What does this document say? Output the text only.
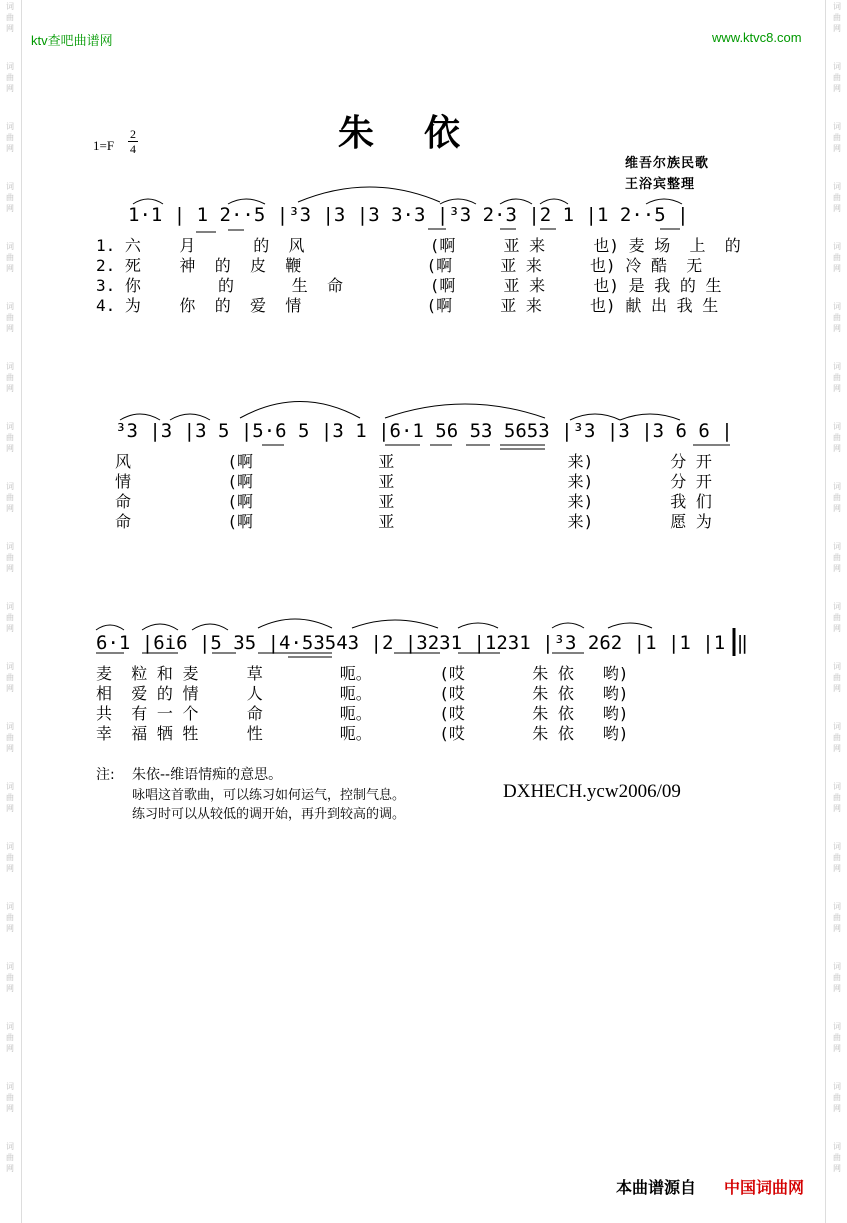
词
曲
网
词
曲
网
词
曲
网
词
曲
网
词
曲
网
词
曲
网
词
曲
网
词
曲
网
词
曲
网
词
曲
网
词
曲
网
词
曲
网
词
曲
网
词
曲
网
词
曲
网
词
曲
网
词
曲
网
词
曲
网
词
曲
网
词
曲
网
词
曲
网
词
曲
网
词
曲
网
词
曲
网
词
曲
网
词
曲
网
词
曲
网
词
曲
网
词
曲
网
词
曲
网
词
曲
网
词
曲
网
词
曲
网
词
曲
网
词
曲
网
词
曲
网
词
曲
网
词
曲
网
词
曲
网
词
曲
网
ktv查吧曲谱网	www.ktvc8.com
朱依
$1=F \frac{2}{4}$
维吾尔族民歌
王浴宾整理
1·1 | 1 2··5 |³3 |3 |3 3·3 |³3 2·3 |2 1 |1 2··5 |
1. 六    月      的  风             (啊     亚 来     也) 麦 场  上  的
2. 死    神  的  皮  鞭             (啊     亚 来     也) 冷 酷  无
3. 你        的      生  命         (啊     亚 来     也) 是 我 的 生
4. 为    你  的  爱  情             (啊     亚 来     也) 献 出 我 生
³3 |3 |3 5 |5·6 5 |3 1 |6·1 56 53 5653 |³3 |3 |3 6 6 |
风          (啊             亚                  来)        分 开
情          (啊             亚                  来)        分 开
命          (啊             亚                  来)        我 们
命          (啊             亚                  来)        愿 为
6·1 |6i6 |5 35 |4·53543 |2 |3231 |1231 |³3 262 |1 |1 |1 ‖
麦  粒 和 麦     草        呃。       (哎       朱 依   哟)
相  爱 的 情     人        呃。       (哎       朱 依   哟)
共  有 一 个     命        呃。       (哎       朱 依   哟)
幸  福 牺 牲     性        呃。       (哎       朱 依   哟)
注: 朱依--维语情痴的意思。
咏唱这首歌曲，可以练习如何运气，控制气息。
练习时可以从较低的调开始，再升到较高的调。
DXHECH.ycw2006/09
本曲谱源自 中国词曲网
